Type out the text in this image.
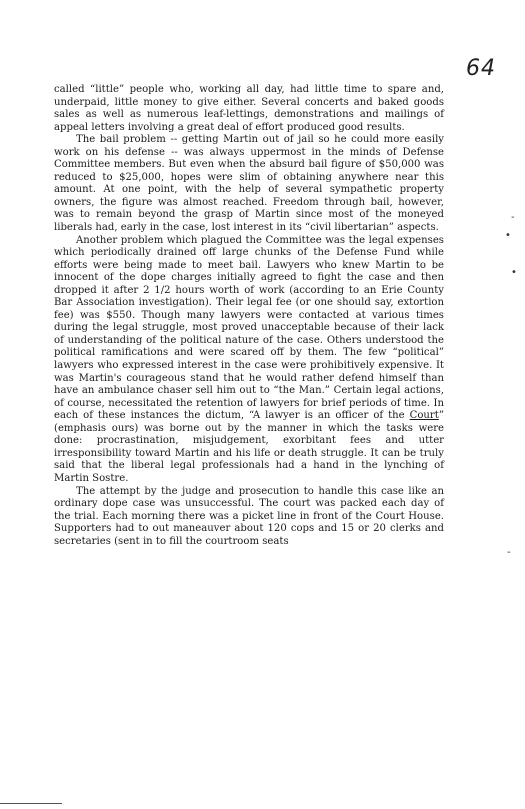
64

called “little” people who, working all day, had little time to spare and, underpaid, little money to give either. Several concerts and baked goods sales as well as numerous leaf-lettings, demonstrations and mailings of appeal letters involving a great deal of effort produced good results.

The bail problem -- getting Martin out of jail so he could more easily work on his defense -- was always uppermost in the minds of Defense Committee members. But even when the absurd bail figure of $50,000 was reduced to $25,000, hopes were slim of obtaining anywhere near this amount. At one point, with the help of several sympathetic property owners, the figure was almost reached. Freedom through bail, however, was to remain beyond the grasp of Martin since most of the moneyed liberals had, early in the case, lost interest in its “civil libertarian” aspects.

Another problem which plagued the Committee was the legal expenses which periodically drained off large chunks of the Defense Fund while efforts were being made to meet bail. Lawyers who knew Martin to be innocent of the dope charges initially agreed to fight the case and then dropped it after 2 1/2 hours worth of work (according to an Erie County Bar Association investigation). Their legal fee (or one should say, extortion fee) was $550. Though many lawyers were contacted at various times during the legal struggle, most proved unacceptable because of their lack of understanding of the political nature of the case. Others understood the political ramifications and were scared off by them. The few “political” lawyers who expressed interest in the case were prohibitively expensive. It was Martin's courageous stand that he would rather defend himself than have an ambulance chaser sell him out to “the Man.” Certain legal actions, of course, necessitated the retention of lawyers for brief periods of time. In each of these instances the dictum, “A lawyer is an officer of the Court” (emphasis ours) was borne out by the manner in which the tasks were done: procrastination, misjudgement, exorbitant fees and utter irresponsibility toward Martin and his life or death struggle. It can be truly said that the liberal legal professionals had a hand in the lynching of Martin Sostre.

The attempt by the judge and prosecution to handle this case like an ordinary dope case was unsuccessful. The court was packed each day of the trial. Each morning there was a picket line in front of the Court House. Supporters had to out maneauver about 120 cops and 15 or 20 clerks and secretaries (sent in to fill the courtroom seats

-
•
•
-
